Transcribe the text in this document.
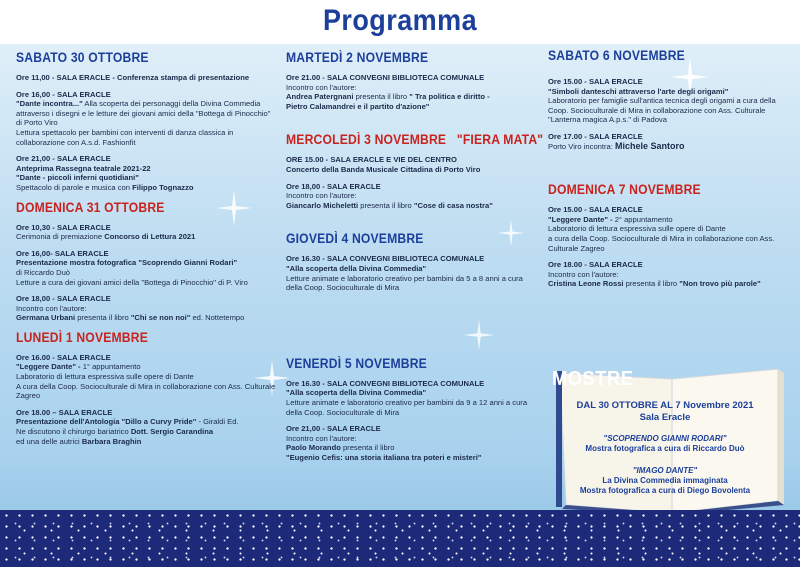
Programma
SABATO 30 OTTOBRE
Ore 11,00 - SALA ERACLE - Conferenza stampa di presentazione
Ore 16,00 - SALA ERACLE
"Dante incontra..." Alla scoperta dei personaggi della Divina Commedia attraverso i disegni e le letture dei giovani amici della "Bottega di Pinocchio" di Porto Viro
Lettura spettacolo per bambini con interventi di danza classica in collaborazione con A.s.d. Fashionfit
Ore 21,00 - SALA ERACLE
Anteprima Rassegna teatrale 2021-22
"Dante - piccoli inferni quotidiani"
Spettacolo di parole e musica con Filippo Tognazzo
DOMENICA 31 OTTOBRE
Ore 10,30 - SALA ERACLE
Cerimonia di premiazione Concorso di Lettura 2021
Ore 16,00- SALA ERACLE
Presentazione mostra fotografica "Scoprendo Gianni Rodari"
di Riccardo Duò
Letture a cura dei giovani amici della "Bottega di Pinocchio" di P. Viro
Ore 18,00 - SALA ERACLE
Incontro con l'autore:
Germana Urbani presenta il libro "Chi se non noi" ed. Nottetempo
LUNEDÌ 1 NOVEMBRE
Ore 16.00 - SALA ERACLE
"Leggere Dante" - 1° appuntamento
Laboratorio di lettura espressiva sulle opere di Dante
A cura della Coop. Socioculturale di Mira in collaborazione con Ass. Culturale Zagreo
Ore 18.00 – SALA ERACLE
Presentazione dell'Antologia "Dillo a Curvy Pride" - Giraldi Ed.
Ne discutono il chirurgo bariatrico Dott. Sergio Carandina
ed una delle autrici Barbara Braghin
MARTEDÌ 2 NOVEMBRE
Ore 21.00 - SALA CONVEGNI BIBLIOTECA COMUNALE
Incontro con l'autore:
Andrea Patergnani presenta il libro " Tra politica e diritto -
Pietro Calamandrei e il partito d'azione"
MERCOLEDÌ 3 NOVEMBRE   "FIERA MATA"
ORE 15.00 - SALA ERACLE E VIE DEL CENTRO
Concerto della Banda Musicale Cittadina di Porto Viro
Ore 18,00 - SALA ERACLE
Incontro con l'autore:
Giancarlo Micheletti presenta il libro "Cose di casa nostra"
GIOVEDÌ 4 NOVEMBRE
Ore 16.30 - SALA CONVEGNI BIBLIOTECA COMUNALE
"Alla scoperta della Divina Commedia"
Letture animate e laboratorio creativo per bambini da 5 a 8 anni a cura della Coop. Socioculturale di Mira
VENERDÌ 5 NOVEMBRE
Ore 16.30 - SALA CONVEGNI BIBLIOTECA COMUNALE
"Alla scoperta della Divina Commedia"
Letture animate e laboratorio creativo per bambini da 9 a 12 anni a cura della Coop. Socioculturale di Mira
Ore 21,00 - SALA ERACLE
Incontro con l'autore:
Paolo Morando presenta il libro
"Eugenio Cefis: una storia italiana tra poteri e misteri"
SABATO 6 NOVEMBRE
Ore 15.00 - SALA ERACLE
"Simboli danteschi attraverso l'arte degli origami"
Laboratorio per famiglie sull'antica tecnica degli origami a cura della Coop. Socioculturale di Mira in collaborazione con Ass. Culturale "Lanterna magica A.p.s." di Padova
Ore 17.00 - SALA ERACLE
Porto Viro incontra: Michele Santoro
DOMENICA 7 NOVEMBRE
Ore 15.00 - SALA ERACLE
"Leggere Dante" - 2° appuntamento
Laboratorio di lettura espressiva sulle opere di Dante
a cura della Coop. Socioculturale di Mira in collaborazione con Ass. Culturale Zagreo
Ore 18.00 - SALA ERACLE
Incontro con l'autore:
Cristina Leone Rossi presenta il libro "Non trovo più parole"
MOSTRE
DAL 30 OTTOBRE AL 7 Novembre 2021
Sala Eracle
"SCOPRENDO GIANNI RODARI"
Mostra fotografica a cura di Riccardo Duò
"IMAGO DANTE"
La Divina Commedia immaginata
Mostra fotografica a cura di Diego Bovolenta
